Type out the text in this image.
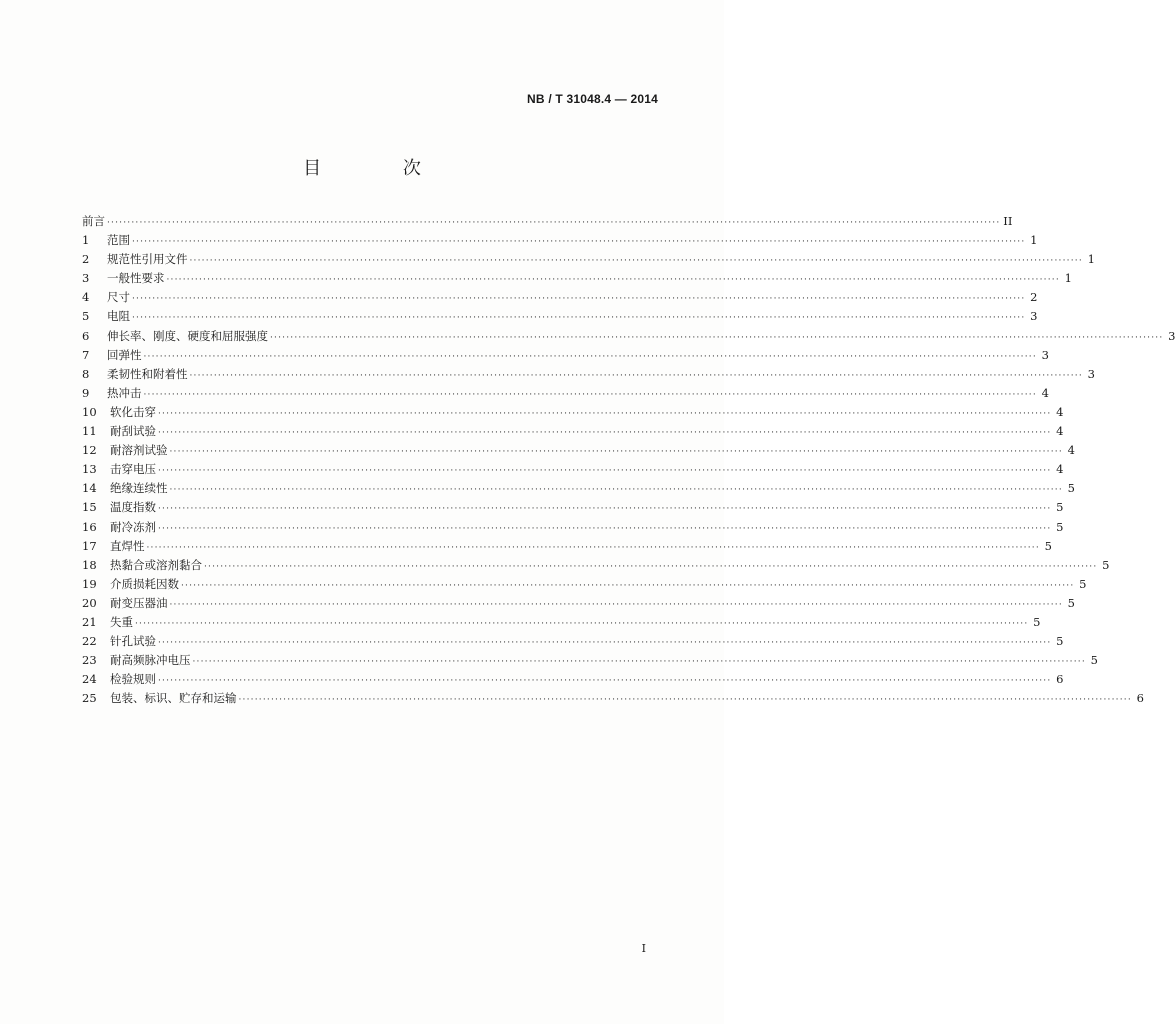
NB / T 31048.4 — 2014
目 次
前言 ···························································································································································································································· II
1	范围 ···························································································································································································································· 1
2	规范性引用文件 ···························································································································································································································· 1
3	一般性要求 ···························································································································································································································· 1
4	尺寸 ···························································································································································································································· 2
5	电阻 ···························································································································································································································· 3
6	伸长率、刚度、硬度和屈服强度 ···························································································································································································································· 3
7	回弹性 ···························································································································································································································· 3
8	柔韧性和附着性 ···························································································································································································································· 3
9	热冲击 ···························································································································································································································· 4
10	软化击穿 ···························································································································································································································· 4
11	耐刮试验 ···························································································································································································································· 4
12	耐溶剂试验 ···························································································································································································································· 4
13	击穿电压 ···························································································································································································································· 4
14	绝缘连续性 ···························································································································································································································· 5
15	温度指数 ···························································································································································································································· 5
16	耐冷冻剂 ···························································································································································································································· 5
17	直焊性 ···························································································································································································································· 5
18	热黏合或溶剂黏合 ···························································································································································································································· 5
19	介质损耗因数 ···························································································································································································································· 5
20	耐变压器油 ···························································································································································································································· 5
21	失重 ···························································································································································································································· 5
22	针孔试验 ···························································································································································································································· 5
23	耐高频脉冲电压 ···························································································································································································································· 5
24	检验规则 ···························································································································································································································· 6
25	包装、标识、贮存和运输 ···························································································································································································································· 6
I
